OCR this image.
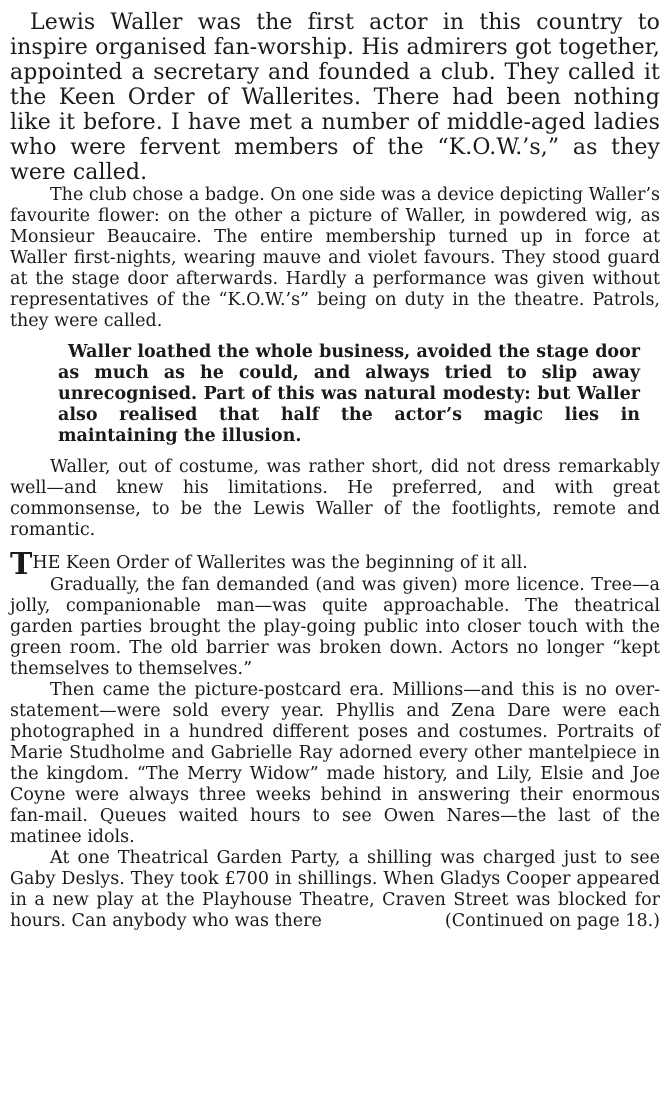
Lewis Waller was the first actor in this country to inspire organised fan-worship. His admirers got together, appointed a secretary and founded a club. They called it the Keen Order of Wallerites. There had been nothing like it before. I have met a number of middle-aged ladies who were fervent members of the “K.O.W.’s,” as they were called.

The club chose a badge. On one side was a device depicting Waller’s favourite flower: on the other a picture of Waller, in powdered wig, as Monsieur Beaucaire. The entire membership turned up in force at Waller first-nights, wearing mauve and violet favours. They stood guard at the stage door afterwards. Hardly a performance was given without representatives of the “K.O.W.’s” being on duty in the theatre. Patrols, they were called.

Waller loathed the whole business, avoided the stage door as much as he could, and always tried to slip away unrecognised. Part of this was natural modesty: but Waller also realised that half the actor’s magic lies in maintaining the illusion.

Waller, out of costume, was rather short, did not dress remarkably well—and knew his limitations. He preferred, and with great commonsense, to be the Lewis Waller of the footlights, remote and romantic.

THE Keen Order of Wallerites was the beginning of it all.

Gradually, the fan demanded (and was given) more licence. Tree—a jolly, companionable man—was quite approachable. The theatrical garden parties brought the play-going public into closer touch with the green room. The old barrier was broken down. Actors no longer “kept themselves to themselves.”

Then came the picture-postcard era. Millions—and this is no over-statement—were sold every year. Phyllis and Zena Dare were each photographed in a hundred different poses and costumes. Portraits of Marie Studholme and Gabrielle Ray adorned every other mantelpiece in the kingdom. “The Merry Widow” made history, and Lily, Elsie and Joe Coyne were always three weeks behind in answering their enormous fan-mail. Queues waited hours to see Owen Nares—the last of the matinee idols.

At one Theatrical Garden Party, a shilling was charged just to see Gaby Deslys. They took £700 in shillings. When Gladys Cooper appeared in a new play at the Playhouse Theatre, Craven Street was blocked for hours. Can anybody who was there	(Continued on page 18.)
